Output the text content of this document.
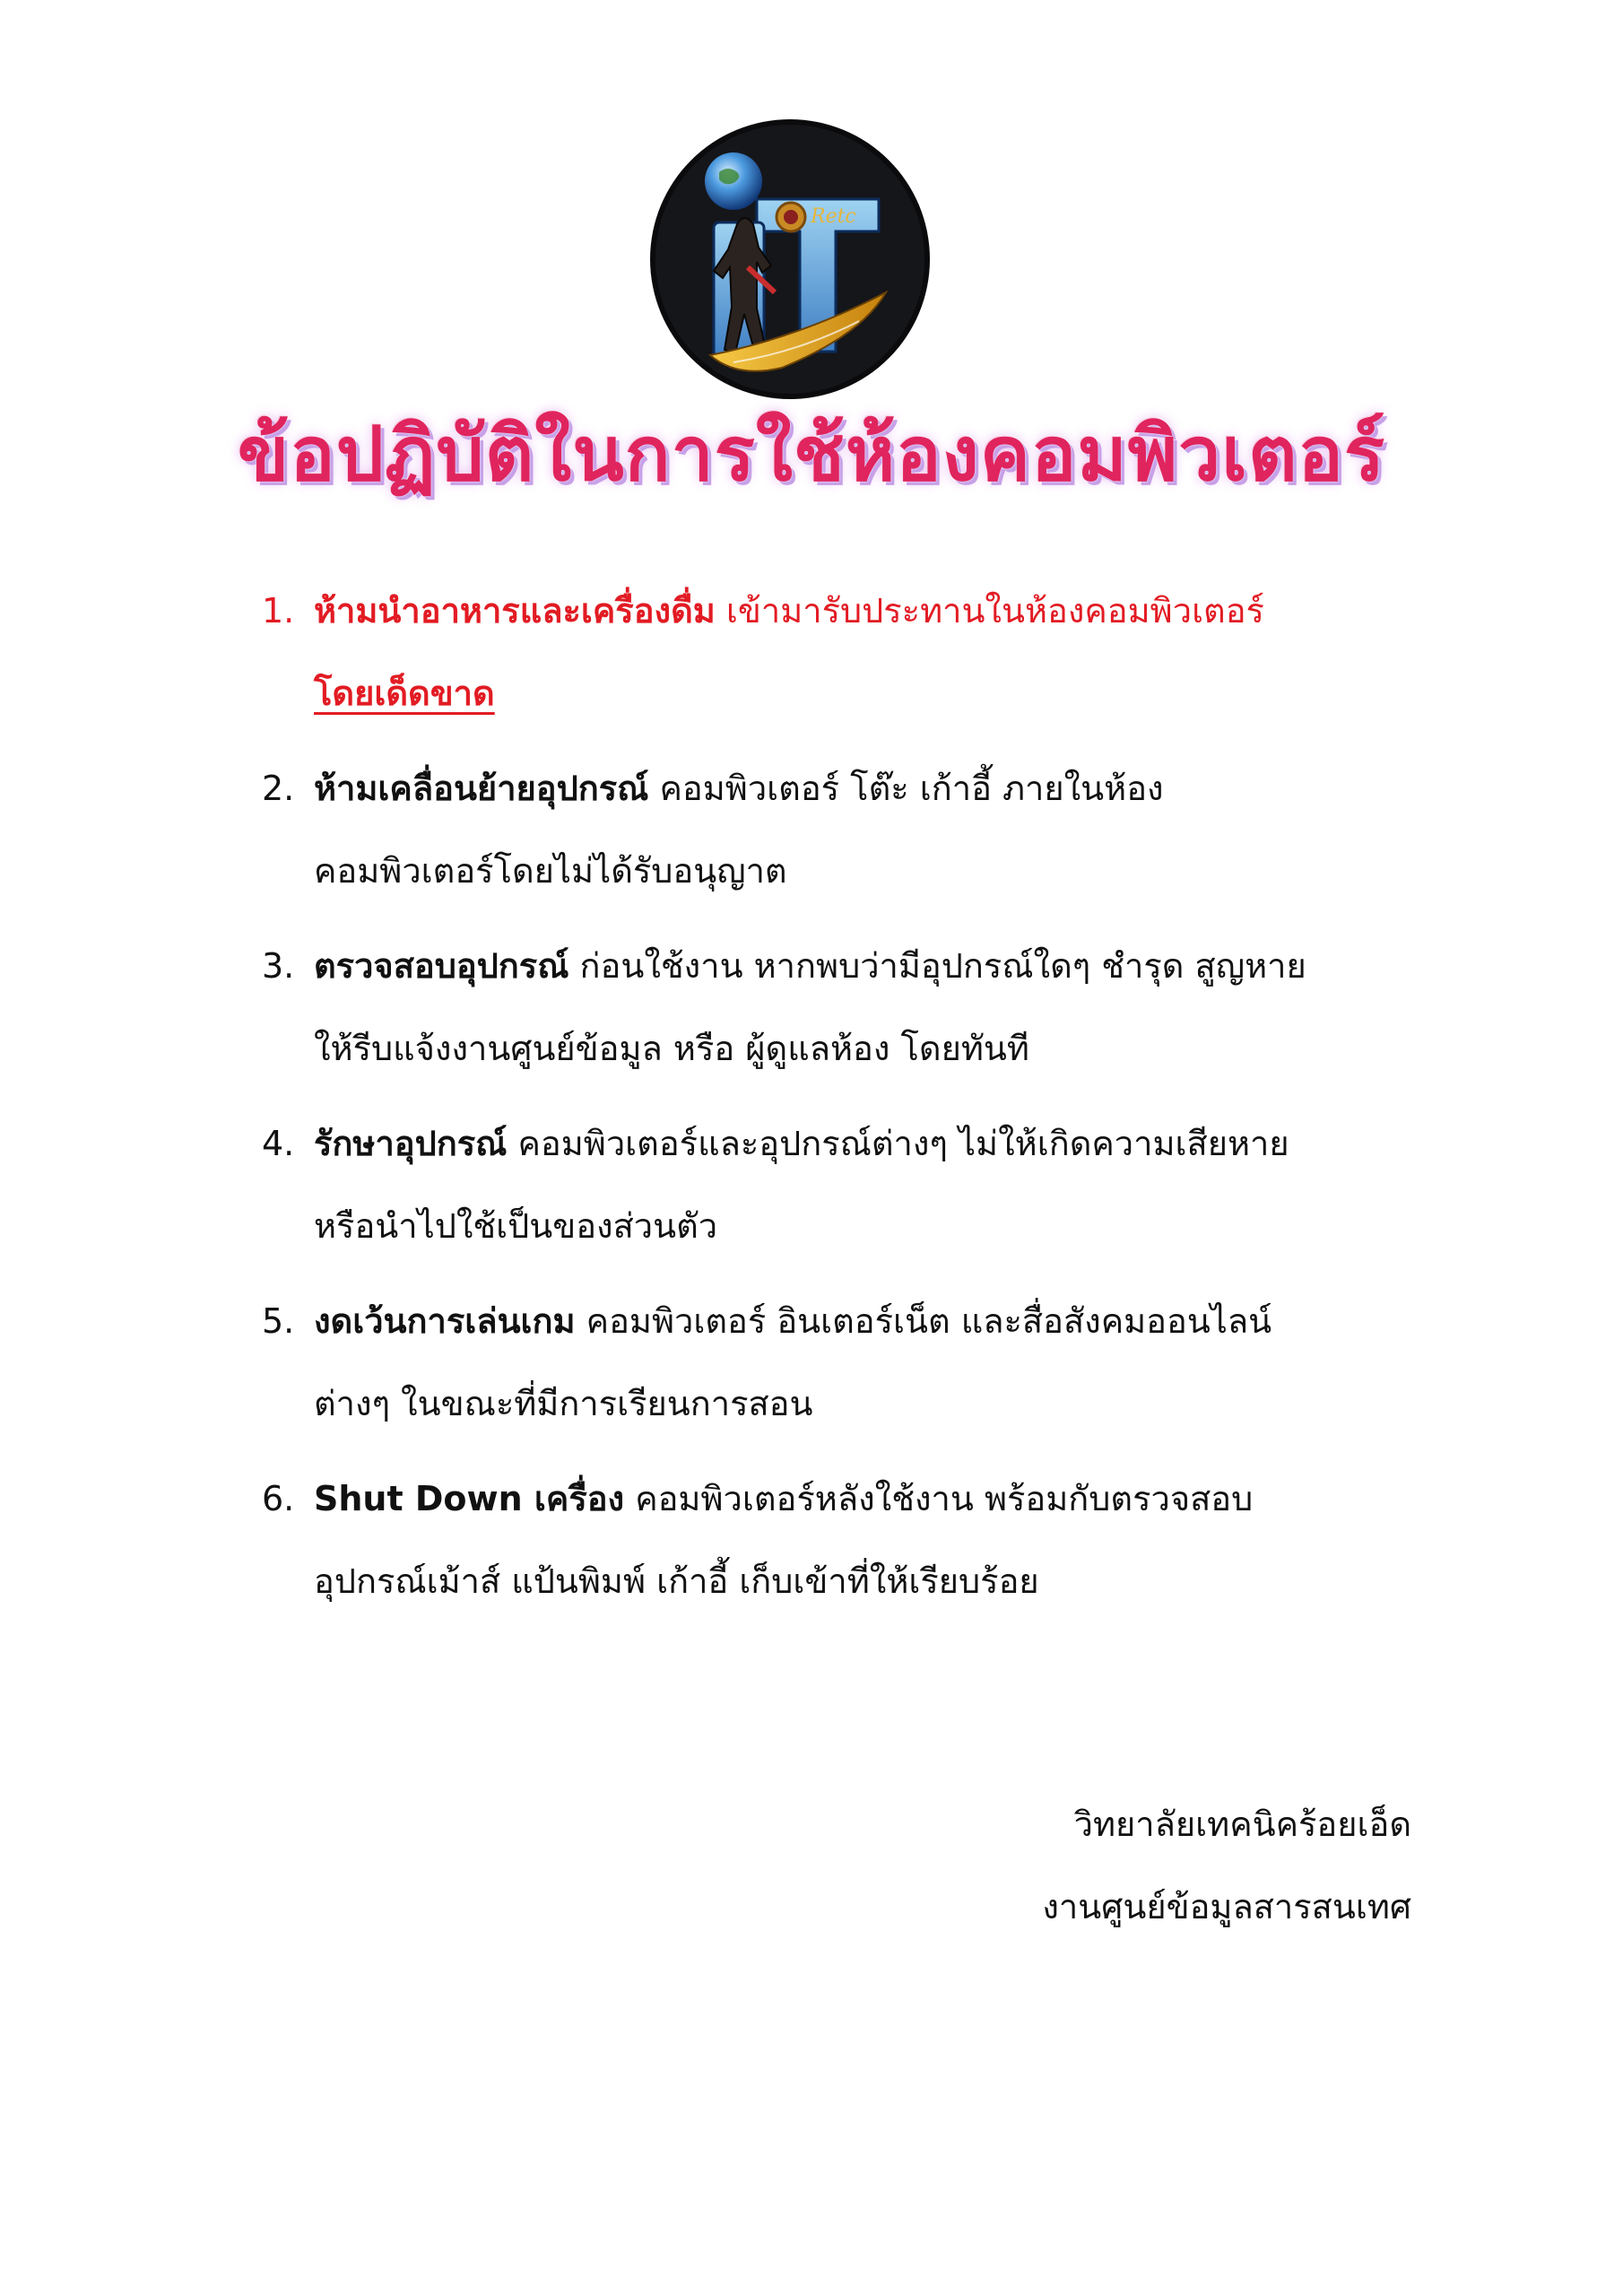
Retc
ข้อปฏิบัติในการใช้ห้องคอมพิวเตอร์
1. ห้ามนำอาหารและเครื่องดื่ม เข้ามารับประทานในห้องคอมพิวเตอร์
โดยเด็ดขาด
2. ห้ามเคลื่อนย้ายอุปกรณ์ คอมพิวเตอร์ โต๊ะ เก้าอี้ ภายในห้อง
คอมพิวเตอร์โดยไม่ได้รับอนุญาต
3. ตรวจสอบอุปกรณ์ ก่อนใช้งาน หากพบว่ามีอุปกรณ์ใดๆ ชำรุด สูญหาย
ให้รีบแจ้งงานศูนย์ข้อมูล หรือ ผู้ดูแลห้อง โดยทันที
4. รักษาอุปกรณ์ คอมพิวเตอร์และอุปกรณ์ต่างๆ ไม่ให้เกิดความเสียหาย
หรือนำไปใช้เป็นของส่วนตัว
5. งดเว้นการเล่นเกม คอมพิวเตอร์ อินเตอร์เน็ต และสื่อสังคมออนไลน์
ต่างๆ ในขณะที่มีการเรียนการสอน
6. Shut Down เครื่อง คอมพิวเตอร์หลังใช้งาน พร้อมกับตรวจสอบ
อุปกรณ์เม้าส์ แป้นพิมพ์ เก้าอี้ เก็บเข้าที่ให้เรียบร้อย
วิทยาลัยเทคนิคร้อยเอ็ด
งานศูนย์ข้อมูลสารสนเทศ
